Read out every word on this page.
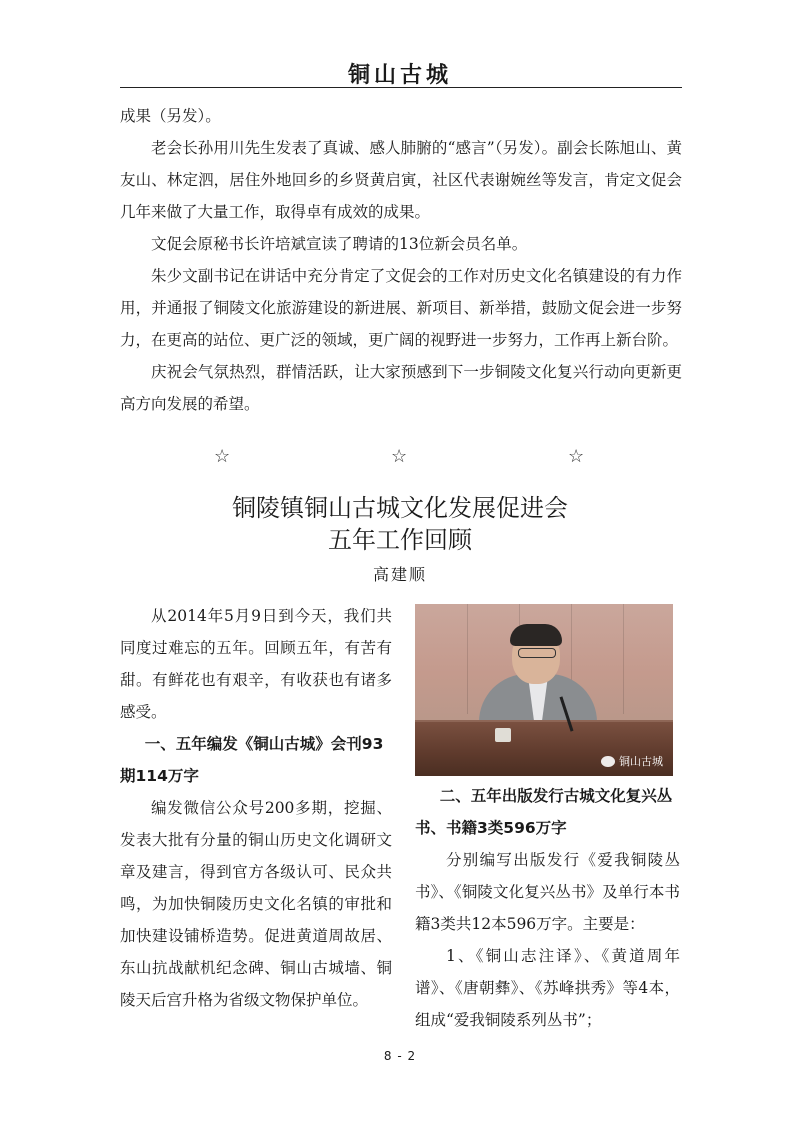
铜山古城

成果（另发）。

老会长孙用川先生发表了真诚、感人肺腑的“感言”（另发）。副会长陈旭山、黄友山、林定泗，居住外地回乡的乡贤黄启寅，社区代表谢婉丝等发言，肯定文促会几年来做了大量工作，取得卓有成效的成果。

文促会原秘书长许培斌宣读了聘请的13位新会员名单。

朱少文副书记在讲话中充分肯定了文促会的工作对历史文化名镇建设的有力作用，并通报了铜陵文化旅游建设的新进展、新项目、新举措，鼓励文促会进一步努力，在更高的站位、更广泛的领域，更广阔的视野进一步努力，工作再上新台阶。

庆祝会气氛热烈，群情活跃，让大家预感到下一步铜陵文化复兴行动向更新更高方向发展的希望。

☆	☆	☆
铜陵镇铜山古城文化发展促进会
五年工作回顾
高建顺

从2014年5月9日到今天，我们共同度过难忘的五年。回顾五年，有苦有甜。有鲜花也有艰辛，有收获也有诸多感受。

一、五年编发《铜山古城》会刊93期114万字

编发微信公众号200多期，挖掘、发表大批有分量的铜山历史文化调研文章及建言，得到官方各级认可、民众共鸣，为加快铜陵历史文化名镇的审批和加快建设铺桥造势。促进黄道周故居、东山抗战献机纪念碑、铜山古城墙、铜陵天后宫升格为省级文物保护单位。

铜山古城
二、五年出版发行古城文化复兴丛书、书籍3类596万字

分别编写出版发行《爱我铜陵丛书》、《铜陵文化复兴丛书》及单行本书籍3类共12本596万字。主要是：

1、《铜山志注译》、《黄道周年谱》、《唐朝彝》、《苏峰拱秀》等4本，组成“爱我铜陵系列丛书”；

8 - 2
